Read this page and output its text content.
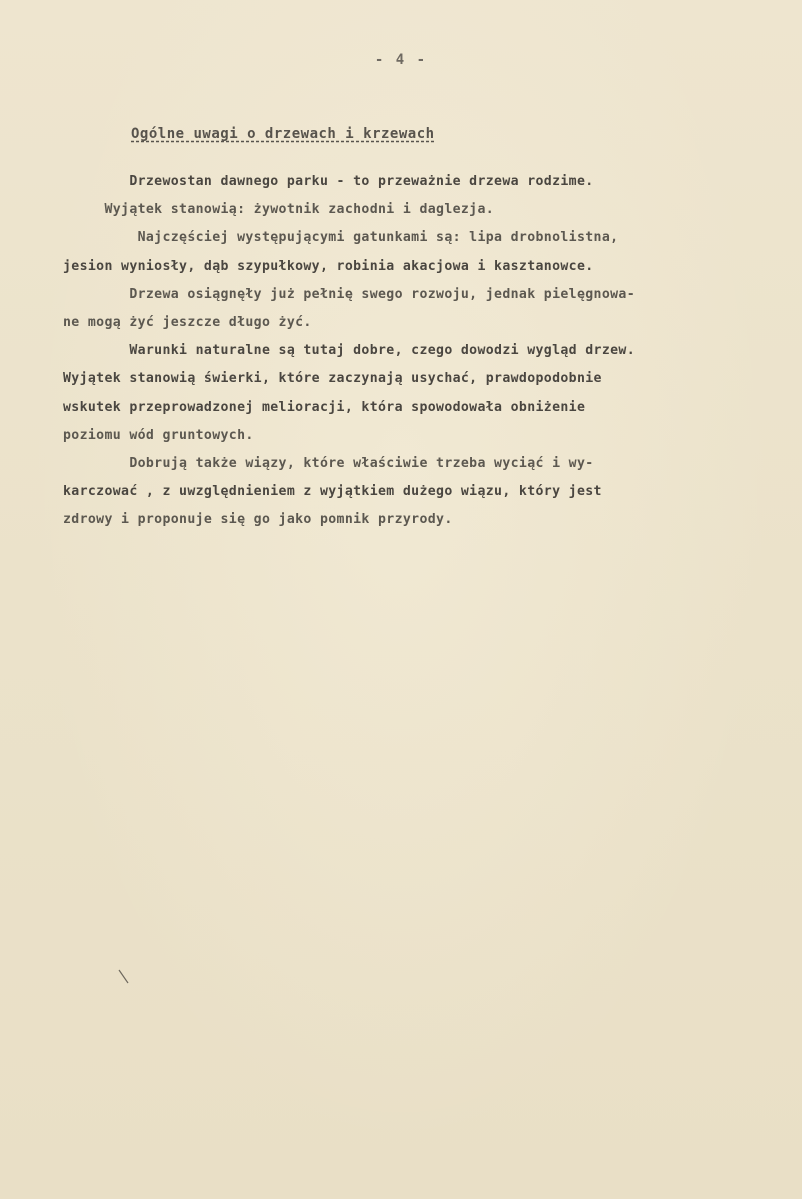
- 4 -
Ogólne uwagi o drzewach i krzewach
Drzewostan dawnego parku - to przeważnie drzewa rodzime.
Wyjątek stanowią: żywotnik zachodni i daglezja.
Najczęściej występującymi gatunkami są: lipa drobnolistna,
jesion wyniosły, dąb szypułkowy, robinia akacjowa i kasztanowce.
Drzewa osiągnęły już pełnię swego rozwoju, jednak pielęgnowa-
ne mogą żyć jeszcze długo żyć.
Warunki naturalne są tutaj dobre, czego dowodzi wygląd drzew.
Wyjątek stanowią świerki, które zaczynają usychać, prawdopodobnie
wskutek przeprowadzonej melioracji, która spowodowała obniżenie
poziomu wód gruntowych.
Dobrują także wiązy, które właściwie trzeba wyciąć i wy-
karczować , z uwzględnieniem z wyjątkiem dużego wiązu, który jest
zdrowy i proponuje się go jako pomnik przyrody.
